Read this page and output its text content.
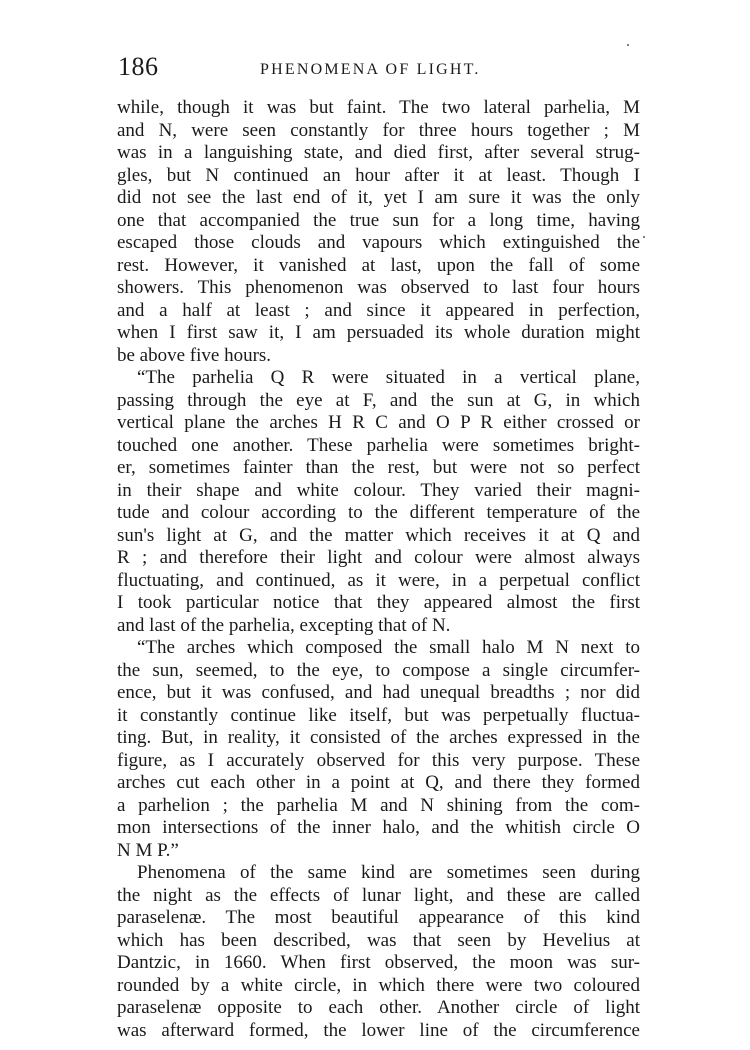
186	PHENOMENA OF LIGHT.
while, though it was but faint. The two lateral parhelia, M
and N, were seen constantly for three hours together ; M
was in a languishing state, and died first, after several strug-
gles, but N continued an hour after it at least. Though I
did not see the last end of it, yet I am sure it was the only
one that accompanied the true sun for a long time, having
escaped those clouds and vapours which extinguished the
rest. However, it vanished at last, upon the fall of some
showers. This phenomenon was observed to last four hours
and a half at least ; and since it appeared in perfection,
when I first saw it, I am persuaded its whole duration might
be above five hours.
“The parhelia Q R were situated in a vertical plane,
passing through the eye at F, and the sun at G, in which
vertical plane the arches H R C and O P R either crossed or
touched one another. These parhelia were sometimes bright-
er, sometimes fainter than the rest, but were not so perfect
in their shape and white colour. They varied their magni-
tude and colour according to the different temperature of the
sun's light at G, and the matter which receives it at Q and
R ; and therefore their light and colour were almost always
fluctuating, and continued, as it were, in a perpetual conflict
I took particular notice that they appeared almost the first
and last of the parhelia, excepting that of N.
“The arches which composed the small halo M N next to
the sun, seemed, to the eye, to compose a single circumfer-
ence, but it was confused, and had unequal breadths ; nor did
it constantly continue like itself, but was perpetually fluctua-
ting. But, in reality, it consisted of the arches expressed in the
figure, as I accurately observed for this very purpose. These
arches cut each other in a point at Q, and there they formed
a parhelion ; the parhelia M and N shining from the com-
mon intersections of the inner halo, and the whitish circle O
N M P.”
Phenomena of the same kind are sometimes seen during
the night as the effects of lunar light, and these are called
paraselenæ. The most beautiful appearance of this kind
which has been described, was that seen by Hevelius at
Dantzic, in 1660. When first observed, the moon was sur-
rounded by a white circle, in which there were two coloured
paraselenæ opposite to each other. Another circle of light
was afterward formed, the lower line of the circumference
